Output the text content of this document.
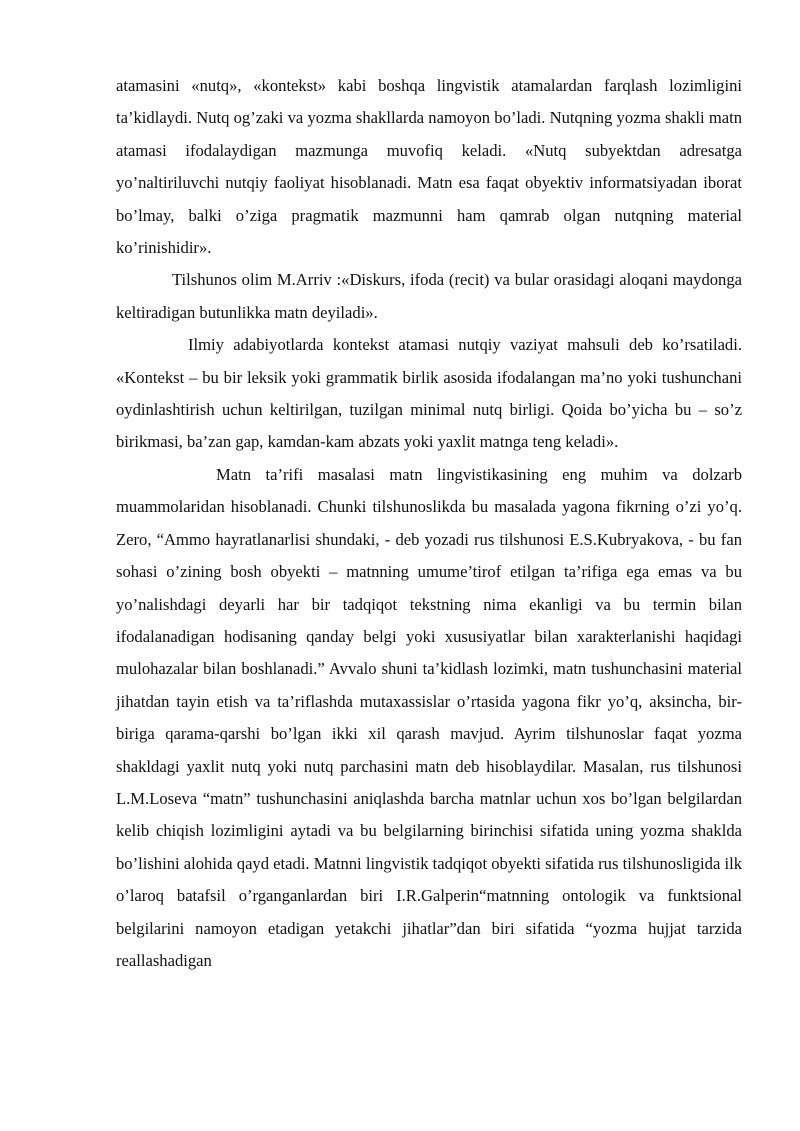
atamasini «nutq», «kontekst» kabi boshqa lingvistik atamalardan farqlash lozimligini ta’kidlaydi. Nutq og’zaki va yozma shakllarda namoyon bo’ladi. Nutqning yozma shakli matn atamasi ifodalaydigan mazmunga muvofiq keladi. «Nutq subyektdan adresatga yo’naltiriluvchi nutqiy faoliyat hisoblanadi. Matn esa faqat obyektiv informatsiyadan iborat bo’lmay, balki o’ziga pragmatik mazmunni ham qamrab olgan nutqning material ko’rinishidir».

Tilshunos olim M.Arriv :«Diskurs, ifoda (recit) va bular orasidagi aloqani maydonga keltiradigan butunlikka matn deyiladi».

Ilmiy adabiyotlarda kontekst atamasi nutqiy vaziyat mahsuli deb ko’rsatiladi. «Kontekst – bu bir leksik yoki grammatik birlik asosida ifodalangan ma’no yoki tushunchani oydinlashtirish uchun keltirilgan, tuzilgan minimal nutq birligi. Qoida bo’yicha bu – so’z birikmasi, ba’zan gap, kamdan-kam abzats yoki yaxlit matnga teng keladi».

Matn ta’rifi masalasi matn lingvistikasining eng muhim va dolzarb muammolaridan hisoblanadi. Chunki tilshunoslikda bu masalada yagona fikrning o’zi yo’q. Zero, “Ammo hayratlanarlisi shundaki, - deb yozadi rus tilshunosi E.S.Kubryakova, - bu fan sohasi o’zining bosh obyekti – matnning umume’tirof etilgan ta’rifiga ega emas va bu yo’nalishdagi deyarli har bir tadqiqot tekstning nima ekanligi va bu termin bilan ifodalanadigan hodisaning qanday belgi yoki xususiyatlar bilan xarakterlanishi haqidagi mulohazalar bilan boshlanadi.” Avvalo shuni ta’kidlash lozimki, matn tushunchasini material jihatdan tayin etish va ta’riflashda mutaxassislar o’rtasida yagona fikr yo’q, aksincha, bir-biriga qarama-qarshi bo’lgan ikki xil qarash mavjud. Ayrim tilshunoslar faqat yozma shakldagi yaxlit nutq yoki nutq parchasini matn deb hisoblaydilar. Masalan, rus tilshunosi L.M.Loseva “matn” tushunchasini aniqlashda barcha matnlar uchun xos bo’lgan belgilardan kelib chiqish lozimligini aytadi va bu belgilarning birinchisi sifatida uning yozma shaklda bo’lishini alohida qayd etadi. Matnni lingvistik tadqiqot obyekti sifatida rus tilshunosligida ilk o’laroq batafsil o’rganganlardan biri I.R.Galperin“matnning ontologik va funktsional belgilarini namoyon etadigan yetakchi jihatlar”dan biri sifatida “yozma hujjat tarzida reallashadigan
